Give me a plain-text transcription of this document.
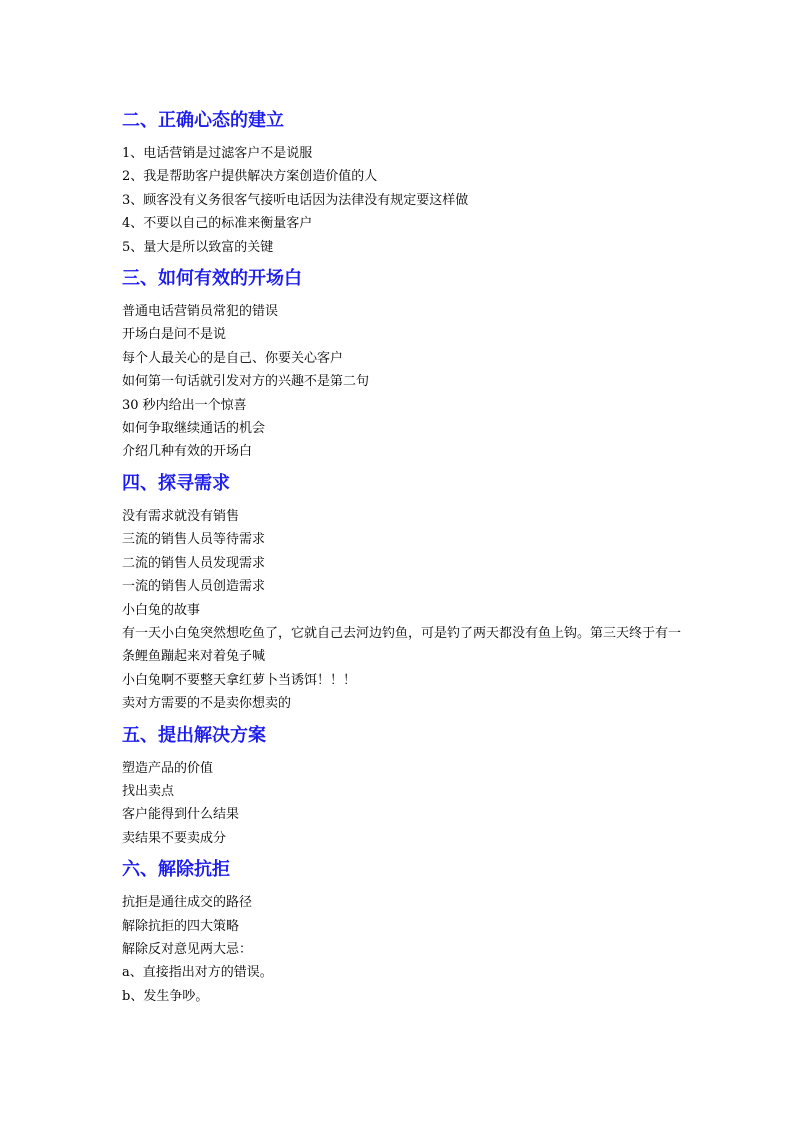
二、正确心态的建立
1、电话营销是过滤客户不是说服
2、我是帮助客户提供解决方案创造价值的人
3、顾客没有义务很客气接听电话因为法律没有规定要这样做
4、不要以自己的标准来衡量客户
5、量大是所以致富的关键
三、如何有效的开场白
普通电话营销员常犯的错误
开场白是问不是说
每个人最关心的是自己、你要关心客户
如何第一句话就引发对方的兴趣不是第二句
30 秒内给出一个惊喜
如何争取继续通话的机会
介绍几种有效的开场白
四、探寻需求
没有需求就没有销售
三流的销售人员等待需求
二流的销售人员发现需求
一流的销售人员创造需求
小白兔的故事
有一天小白兔突然想吃鱼了，它就自己去河边钓鱼，可是钓了两天都没有鱼上钩。第三天终于有一条鲤鱼蹦起来对着兔子喊
小白兔啊不要整天拿红萝卜当诱饵！！！
卖对方需要的不是卖你想卖的
五、提出解决方案
塑造产品的价值
找出卖点
客户能得到什么结果
卖结果不要卖成分
六、解除抗拒
抗拒是通往成交的路径
解除抗拒的四大策略
解除反对意见两大忌：
a、直接指出对方的错误。
b、发生争吵。
